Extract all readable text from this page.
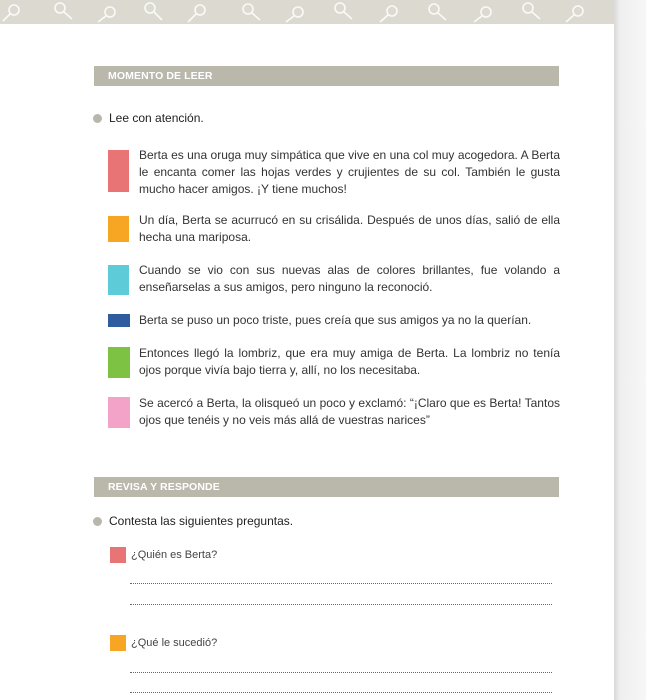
MOMENTO DE LEER
Lee con atención.
Berta es una oruga muy simpática que vive en una col muy acogedora. A Berta le encanta comer las hojas verdes y crujientes de su col. También le gusta mucho hacer amigos. ¡Y tiene muchos!
Un día, Berta se acurrucó en su crisálida. Después de unos días, salió de ella hecha una mariposa.
Cuando se vio con sus nuevas alas de colores brillantes, fue volando a enseñarselas a sus amigos, pero ninguno la reconoció.
Berta se puso un poco triste, pues creía que sus amigos ya no la querían.
Entonces llegó la lombriz, que era muy amiga de Berta. La lombriz no tenía ojos porque vivía bajo tierra y, allí, no los necesitaba.
Se acercó a Berta, la olisqueó un poco y exclamó: “¡Claro que es Berta! Tantos ojos que tenéis y no veis más allá de vuestras narices”
REVISA Y RESPONDE
Contesta las siguientes preguntas.
¿Quién es Berta?
¿Qué le sucedió?
